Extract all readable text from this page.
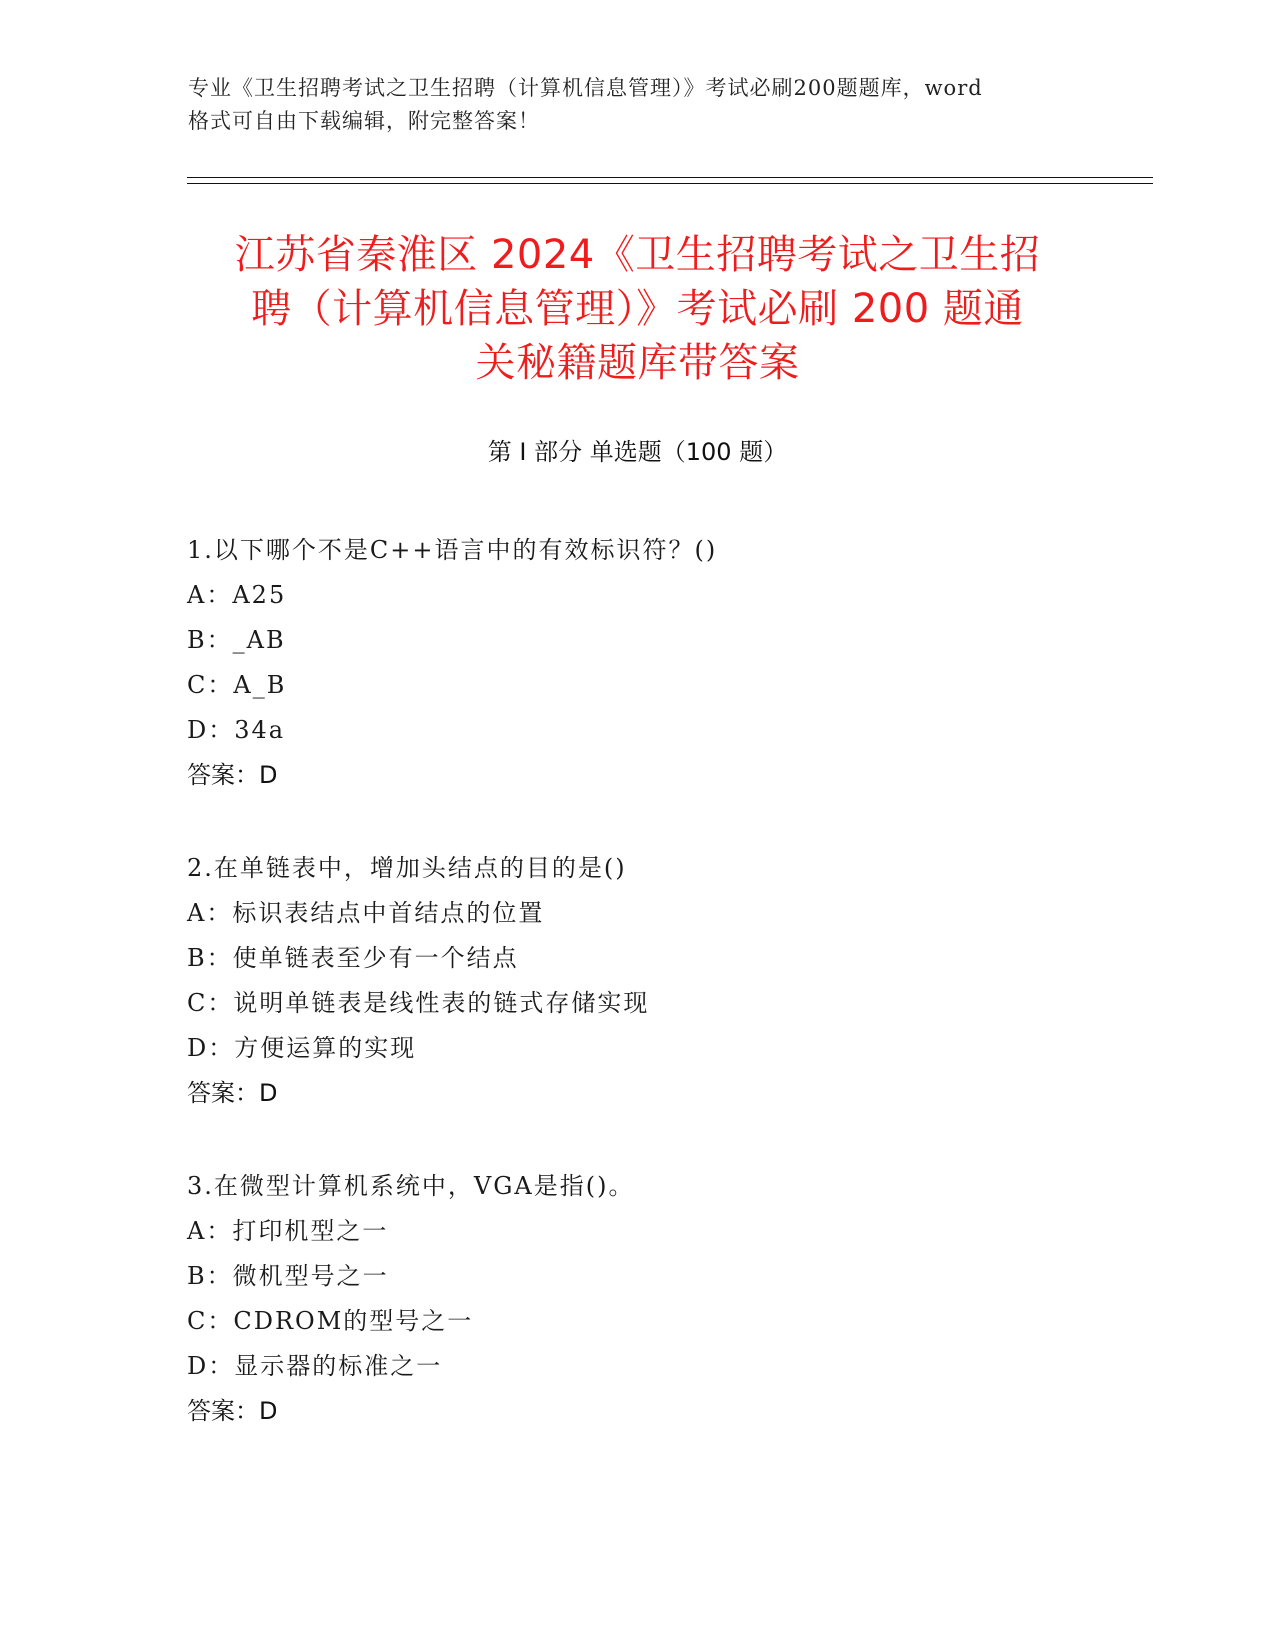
专业《卫生招聘考试之卫生招聘（计算机信息管理）》考试必刷200题题库，word
格式可自由下载编辑，附完整答案！
江苏省秦淮区 2024《卫生招聘考试之卫生招
聘（计算机信息管理）》考试必刷 200 题通
关秘籍题库带答案
第 I 部分 单选题（100 题）
1.以下哪个不是C++语言中的有效标识符？()
A：A25
B：_AB
C：A_B
D：34a
答案：D
2.在单链表中，增加头结点的目的是()
A：标识表结点中首结点的位置
B：使单链表至少有一个结点
C：说明单链表是线性表的链式存储实现
D：方便运算的实现
答案：D
3.在微型计算机系统中，VGA是指()。
A：打印机型之一
B：微机型号之一
C：CDROM的型号之一
D：显示器的标准之一
答案：D
